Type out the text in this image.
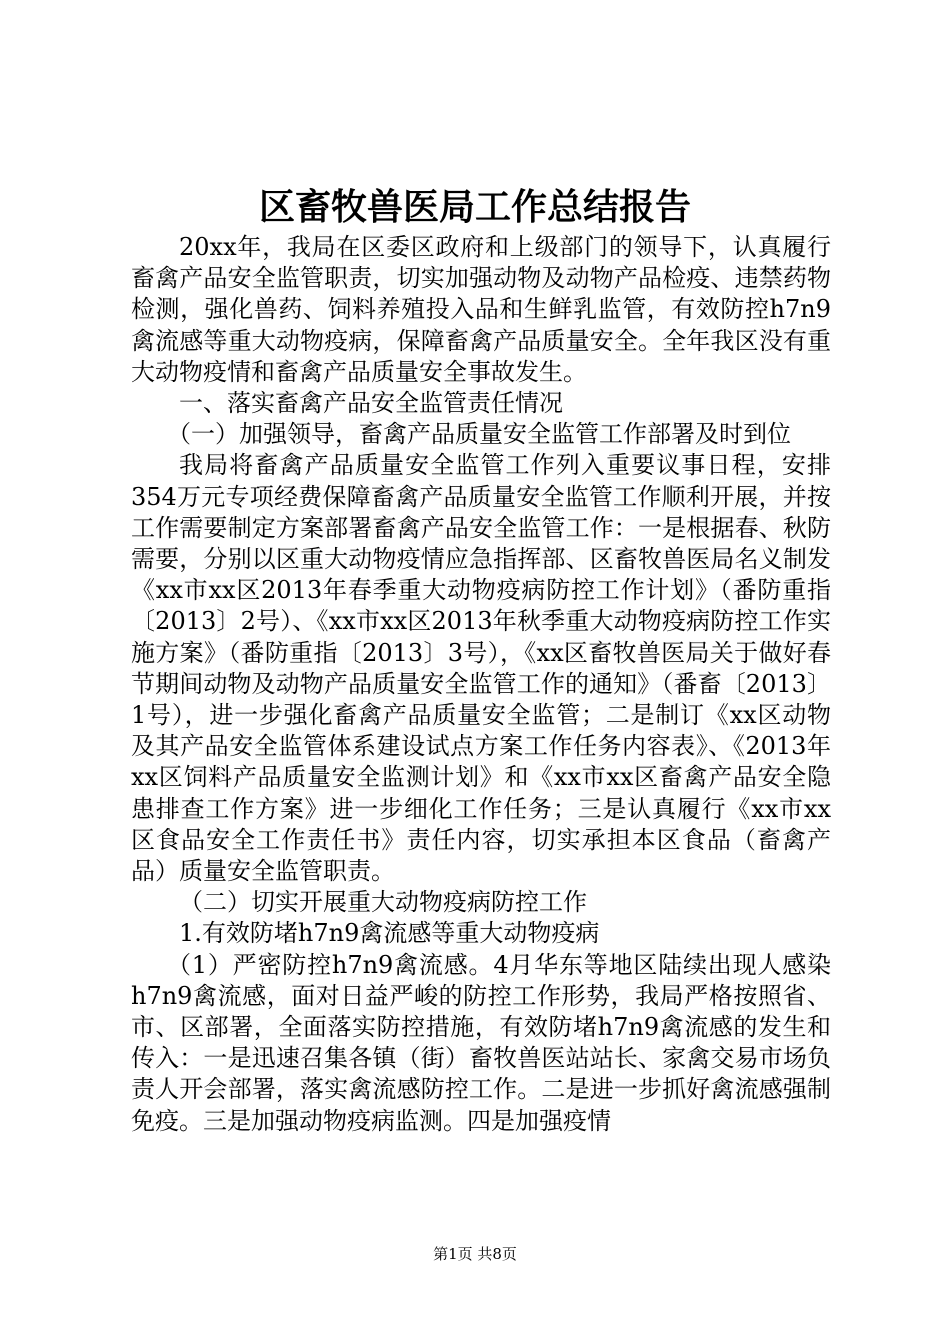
区畜牧兽医局工作总结报告

20xx年，我局在区委区政府和上级部门的领导下，认真履行畜禽产品安全监管职责，切实加强动物及动物产品检疫、违禁药物检测，强化兽药、饲料养殖投入品和生鲜乳监管，有效防控h7n9禽流感等重大动物疫病，保障畜禽产品质量安全。全年我区没有重大动物疫情和畜禽产品质量安全事故发生。

一、落实畜禽产品安全监管责任情况

（一）加强领导，畜禽产品质量安全监管工作部署及时到位

我局将畜禽产品质量安全监管工作列入重要议事日程，安排354万元专项经费保障畜禽产品质量安全监管工作顺利开展，并按工作需要制定方案部署畜禽产品安全监管工作：一是根据春、秋防需要，分别以区重大动物疫情应急指挥部、区畜牧兽医局名义制发《xx市xx区2013年春季重大动物疫病防控工作计划》（番防重指〔2013〕2号）、《xx市xx区2013年秋季重大动物疫病防控工作实施方案》（番防重指〔2013〕3号），《xx区畜牧兽医局关于做好春节期间动物及动物产品质量安全监管工作的通知》（番畜〔2013〕1号），进一步强化畜禽产品质量安全监管；二是制订《xx区动物及其产品安全监管体系建设试点方案工作任务内容表》、《2013年xx区饲料产品质量安全监测计划》和《xx市xx区畜禽产品安全隐患排查工作方案》进一步细化工作任务；三是认真履行《xx市xx区食品安全工作责任书》责任内容，切实承担本区食品（畜禽产品）质量安全监管职责。

（二）切实开展重大动物疫病防控工作

1.有效防堵h7n9禽流感等重大动物疫病

（1）严密防控h7n9禽流感。4月华东等地区陆续出现人感染h7n9禽流感，面对日益严峻的防控工作形势，我局严格按照省、市、区部署，全面落实防控措施，有效防堵h7n9禽流感的发生和传入：一是迅速召集各镇（街）畜牧兽医站站长、家禽交易市场负责人开会部署，落实禽流感防控工作。二是进一步抓好禽流感强制免疫。三是加强动物疫病监测。四是加强疫情

第1页 共8页
